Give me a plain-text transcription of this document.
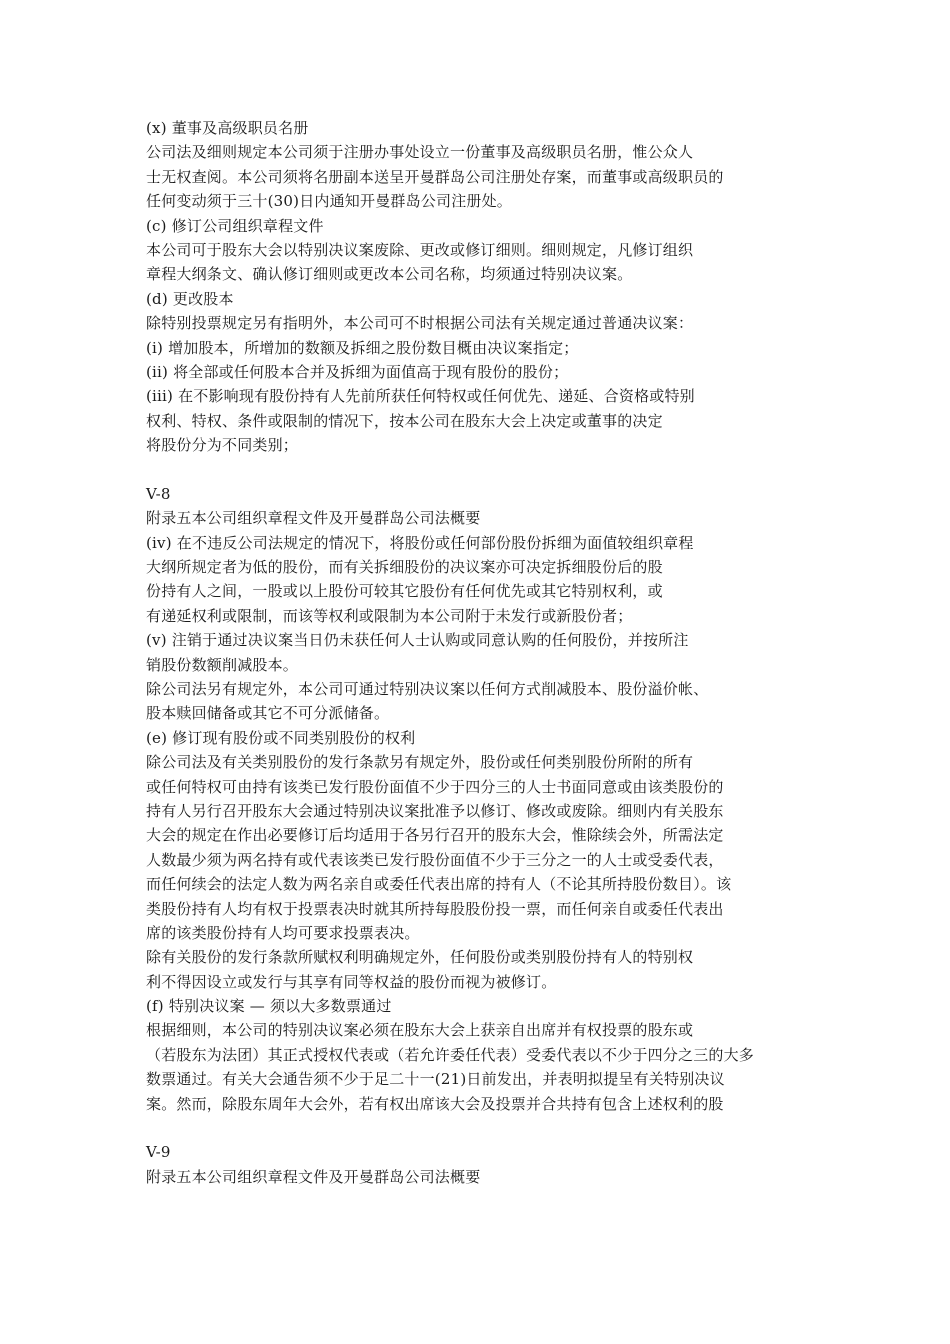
(x) 董事及高级职员名册
公司法及细则规定本公司须于注册办事处设立一份董事及高级职员名册，惟公众人
士无权查阅。本公司须将名册副本送呈开曼群岛公司注册处存案，而董事或高级职员的
任何变动须于三十(30)日内通知开曼群岛公司注册处。
(c) 修订公司组织章程文件
本公司可于股东大会以特别决议案废除、更改或修订细则。细则规定，凡修订组织
章程大纲条文、确认修订细则或更改本公司名称，均须通过特别决议案。
(d) 更改股本
除特别投票规定另有指明外，本公司可不时根据公司法有关规定通过普通决议案：
(i) 增加股本，所增加的数额及拆细之股份数目概由决议案指定；
(ii) 将全部或任何股本合并及拆细为面值高于现有股份的股份；
(iii) 在不影响现有股份持有人先前所获任何特权或任何优先、递延、合资格或特别
权利、特权、条件或限制的情况下，按本公司在股东大会上决定或董事的决定
将股份分为不同类别；
V-8
附录五本公司组织章程文件及开曼群岛公司法概要
(iv) 在不违反公司法规定的情况下，将股份或任何部份股份拆细为面值较组织章程
大纲所规定者为低的股份，而有关拆细股份的决议案亦可决定拆细股份后的股
份持有人之间，一股或以上股份可较其它股份有任何优先或其它特别权利，或
有递延权利或限制，而该等权利或限制为本公司附于未发行或新股份者；
(v) 注销于通过决议案当日仍未获任何人士认购或同意认购的任何股份，并按所注
销股份数额削减股本。
除公司法另有规定外，本公司可通过特别决议案以任何方式削减股本、股份溢价帐、
股本赎回储备或其它不可分派储备。
(e) 修订现有股份或不同类别股份的权利
除公司法及有关类别股份的发行条款另有规定外，股份或任何类别股份所附的所有
或任何特权可由持有该类已发行股份面值不少于四分三的人士书面同意或由该类股份的
持有人另行召开股东大会通过特别决议案批准予以修订、修改或废除。细则内有关股东
大会的规定在作出必要修订后均适用于各另行召开的股东大会，惟除续会外，所需法定
人数最少须为两名持有或代表该类已发行股份面值不少于三分之一的人士或受委代表，
而任何续会的法定人数为两名亲自或委任代表出席的持有人（不论其所持股份数目）。该
类股份持有人均有权于投票表决时就其所持每股股份投一票，而任何亲自或委任代表出
席的该类股份持有人均可要求投票表决。
除有关股份的发行条款所赋权利明确规定外，任何股份或类别股份持有人的特别权
利不得因设立或发行与其享有同等权益的股份而视为被修订。
(f) 特别决议案 — 须以大多数票通过
根据细则，本公司的特别决议案必须在股东大会上获亲自出席并有权投票的股东或
（若股东为法团）其正式授权代表或（若允许委任代表）受委代表以不少于四分之三的大多
数票通过。有关大会通告须不少于足二十一(21)日前发出，并表明拟提呈有关特别决议
案。然而，除股东周年大会外，若有权出席该大会及投票并合共持有包含上述权利的股
V-9
附录五本公司组织章程文件及开曼群岛公司法概要
